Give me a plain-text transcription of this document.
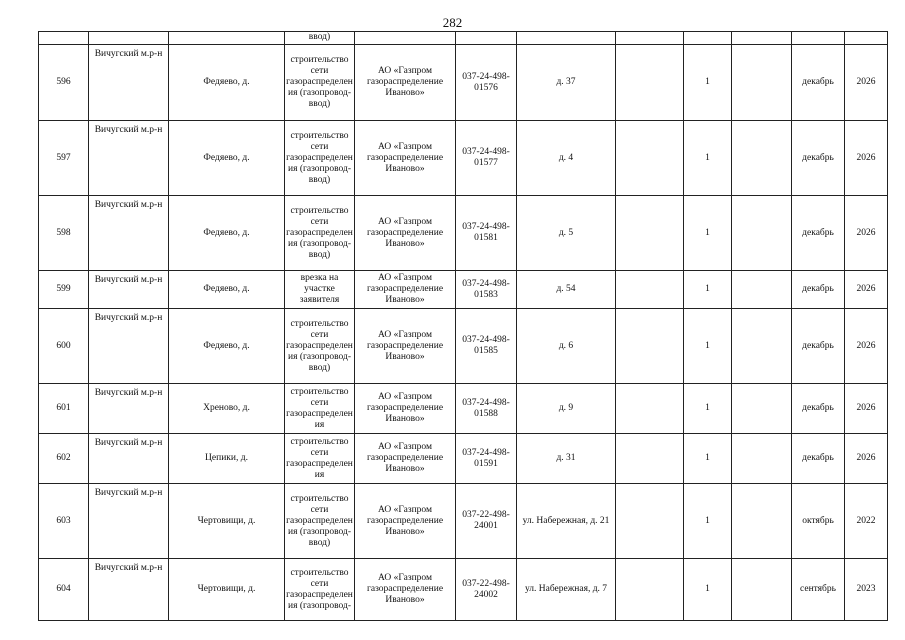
282
			ввод)								
596	Вичугский м.р-н	Федяево, д.	строительство сети газораспределения (газопровод-ввод)	АО «Газпром газораспределение Иваново»	037-24-498-01576	д. 37		1		декабрь	2026
597	Вичугский м.р-н	Федяево, д.	строительство сети газораспределения (газопровод-ввод)	АО «Газпром газораспределение Иваново»	037-24-498-01577	д. 4		1		декабрь	2026
598	Вичугский м.р-н	Федяево, д.	строительство сети газораспределения (газопровод-ввод)	АО «Газпром газораспределение Иваново»	037-24-498-01581	д. 5		1		декабрь	2026
599	Вичугский м.р-н	Федяево, д.	врезка на участке заявителя	АО «Газпром газораспределение Иваново»	037-24-498-01583	д. 54		1		декабрь	2026
600	Вичугский м.р-н	Федяево, д.	строительство сети газораспределения (газопровод-ввод)	АО «Газпром газораспределение Иваново»	037-24-498-01585	д. 6		1		декабрь	2026
601	Вичугский м.р-н	Хреново, д.	строительство сети газораспределения	АО «Газпром газораспределение Иваново»	037-24-498-01588	д. 9		1		декабрь	2026
602	Вичугский м.р-н	Цепики, д.	строительство сети газораспределения	АО «Газпром газораспределение Иваново»	037-24-498-01591	д. 31		1		декабрь	2026
603	Вичугский м.р-н	Чертовищи, д.	строительство сети газораспределения (газопровод-ввод)	АО «Газпром газораспределение Иваново»	037-22-498-24001	ул. Набережная, д. 21		1		октябрь	2022
604	Вичугский м.р-н	Чертовищи, д.	строительство сети газораспределения (газопровод-	АО «Газпром газораспределение Иваново»	037-22-498-24002	ул. Набережная, д. 7		1		сентябрь	2023
